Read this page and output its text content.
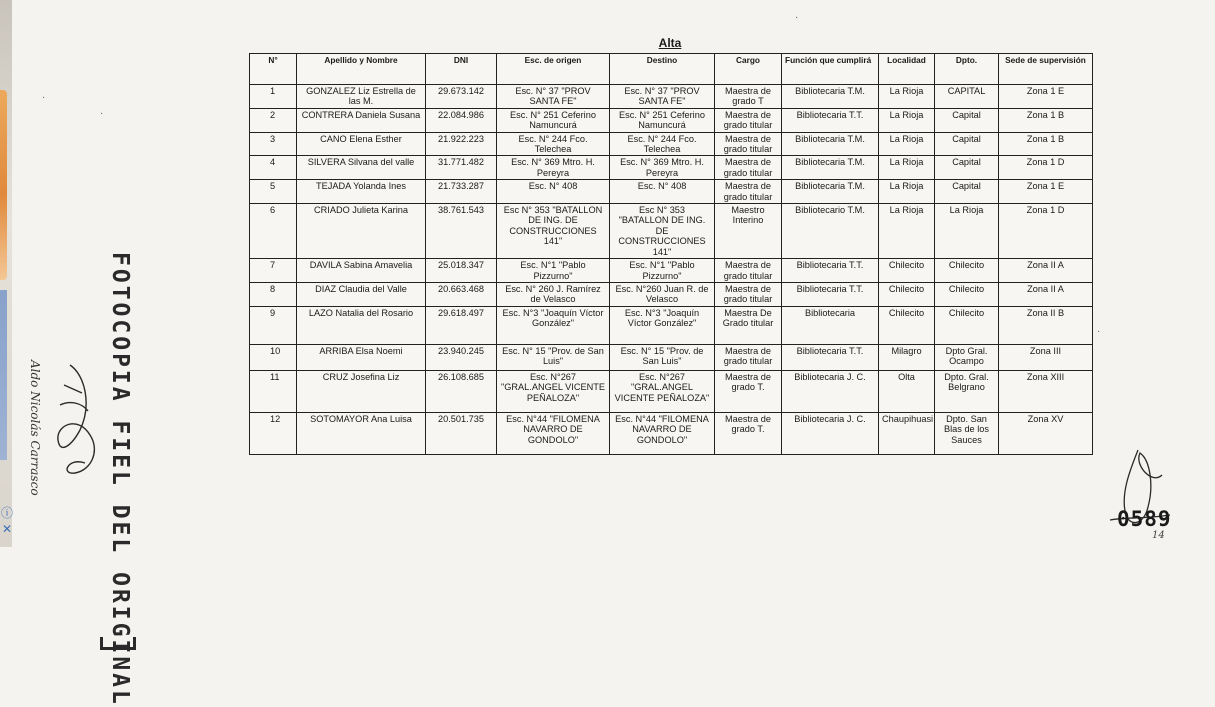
ⓘ
✕
·
·
·
·
FOTOCOPIA FIEL DEL ORIGINAL
Aldo Nicolás Carrasco
Alta
N°	Apellido y Nombre	DNI	Esc. de origen	Destino	Cargo	Función que cumplirá	Localidad	Dpto.	Sede de supervisión
1	GONZALEZ Liz Estrella de las M.	29.673.142	Esc. N° 37 "PROV SANTA FE"	Esc. N° 37 "PROV SANTA FE"	Maestra de grado T	Bibliotecaria T.M.	La Rioja	CAPITAL	Zona 1 E
2	CONTRERA Daniela Susana	22.084.986	Esc. N° 251 Ceferino Namuncurá	Esc. N° 251 Ceferino Namuncurá	Maestra de grado titular	Bibliotecaria T.T.	La Rioja	Capital	Zona 1 B
3	CANO Elena Esther	21.922.223	Esc. N° 244 Fco. Telechea	Esc. N° 244 Fco. Telechea	Maestra de grado titular	Bibliotecaria T.M.	La Rioja	Capital	Zona 1 B
4	SILVERA Silvana del valle	31.771.482	Esc. N° 369 Mtro. H. Pereyra	Esc. N° 369 Mtro. H. Pereyra	Maestra de grado titular	Bibliotecaria T.M.	La Rioja	Capital	Zona 1 D
5	TEJADA Yolanda Ines	21.733.287	Esc. N° 408	Esc. N° 408	Maestra de grado titular	Bibliotecaria T.M.	La Rioja	Capital	Zona 1 E
6	CRIADO Julieta Karina	38.761.543	Esc N° 353 "BATALLON DE ING. DE CONSTRUCCIONES 141"	Esc N° 353 "BATALLON DE ING. DE CONSTRUCCIONES 141"	Maestro Interino	Bibliotecario T.M.	La Rioja	La Rioja	Zona 1 D
7	DAVILA Sabina Amavelia	25.018.347	Esc. N°1 "Pablo Pizzurno"	Esc. N°1 "Pablo Pizzurno"	Maestra de grado titular	Bibliotecaria T.T.	Chilecito	Chilecito	Zona II A
8	DIAZ Claudia del Valle	20.663.468	Esc. N° 260 J. Ramírez de Velasco	Esc. N°260 Juan R. de Velasco	Maestra de grado titular	Bibliotecaria T.T.	Chilecito	Chilecito	Zona II A
9	LAZO Natalia del Rosario	29.618.497	Esc. N°3 "Joaquín Víctor González"	Esc. N°3 "Joaquín Víctor González"	Maestra De Grado titular	Bibliotecaria	Chilecito	Chilecito	Zona II B
10	ARRIBA Elsa Noemi	23.940.245	Esc. N° 15 "Prov. de San Luis"	Esc. N° 15 "Prov. de San Luis"	Maestra de grado titular	Bibliotecaria T.T.	Milagro	Dpto Gral. Ocampo	Zona III
11	CRUZ Josefina Liz	26.108.685	Esc. N°267 "GRAL.ANGEL VICENTE PEÑALOZA"	Esc. N°267 "GRAL.ANGEL VICENTE PEÑALOZA"	Maestra de grado T.	Bibliotecaria J. C.	Olta	Dpto. Gral. Belgrano	Zona XIII
12	SOTOMAYOR Ana Luisa	20.501.735	Esc. N°44 "FILOMENA NAVARRO DE GONDOLO"	Esc. N°44 "FILOMENA NAVARRO DE GONDOLO"	Maestra de grado T.	Bibliotecaria J. C.	Chaupihuasi	Dpto. San Blas de los Sauces	Zona XV
0589
14
